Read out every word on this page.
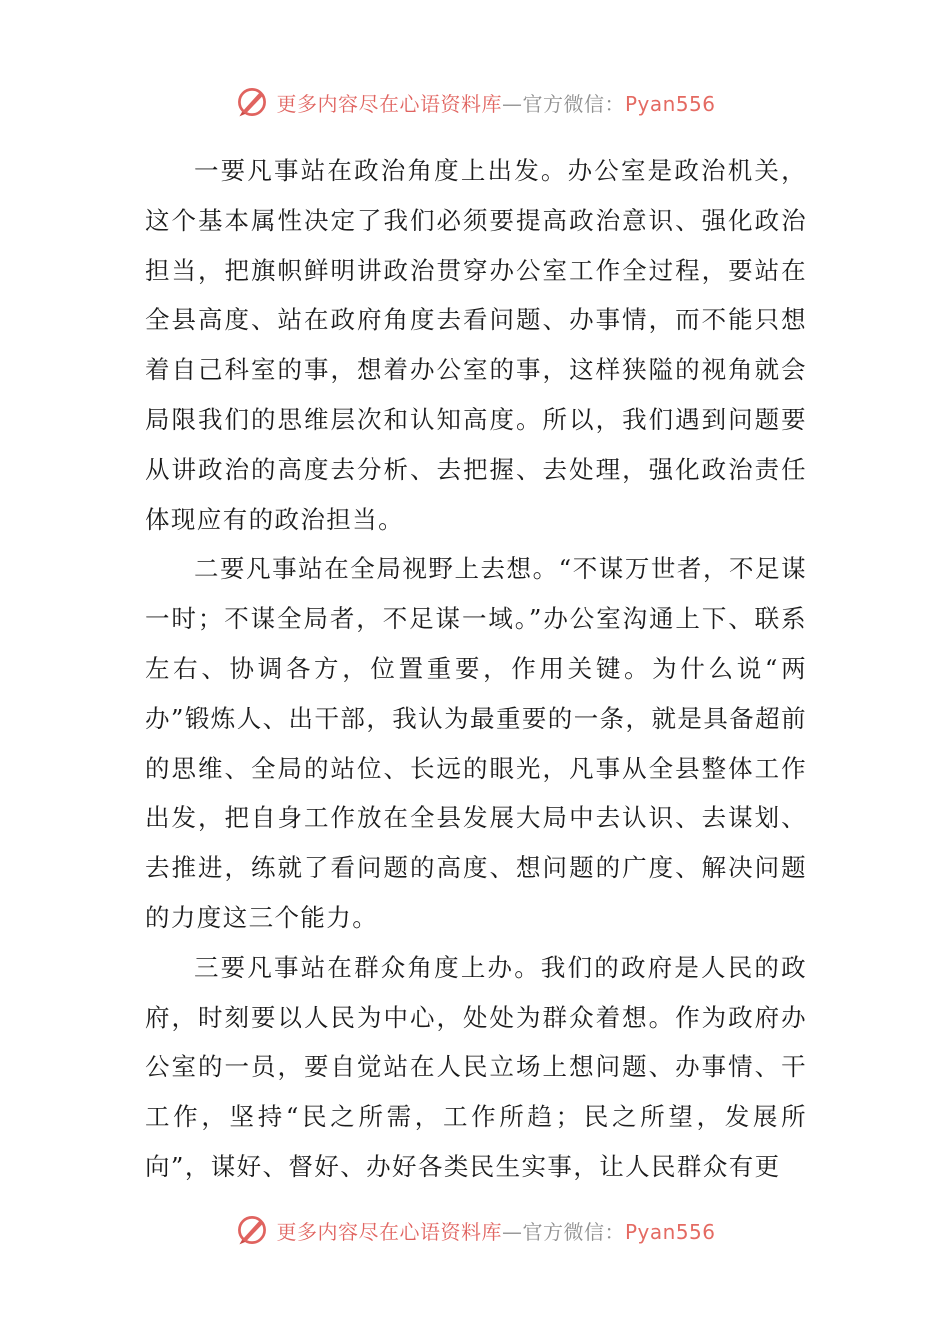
更多内容尽在心语资料库—官方微信：Pyan556

一要凡事站在政治角度上出发。办公室是政治机关，这个基本属性决定了我们必须要提高政治意识、强化政治担当，把旗帜鲜明讲政治贯穿办公室工作全过程，要站在全县高度、站在政府角度去看问题、办事情，而不能只想着自己科室的事，想着办公室的事，这样狭隘的视角就会局限我们的思维层次和认知高度。所以，我们遇到问题要从讲政治的高度去分析、去把握、去处理，强化政治责任体现应有的政治担当。

二要凡事站在全局视野上去想。“不谋万世者，不足谋一时；不谋全局者，不足谋一域。”办公室沟通上下、联系左右、协调各方，位置重要，作用关键。为什么说“两办”锻炼人、出干部，我认为最重要的一条，就是具备超前的思维、全局的站位、长远的眼光，凡事从全县整体工作出发，把自身工作放在全县发展大局中去认识、去谋划、去推进，练就了看问题的高度、想问题的广度、解决问题的力度这三个能力。

三要凡事站在群众角度上办。我们的政府是人民的政府，时刻要以人民为中心，处处为群众着想。作为政府办公室的一员，要自觉站在人民立场上想问题、办事情、干工作，坚持“民之所需，工作所趋；民之所望，发展所向”，谋好、督好、办好各类民生实事，让人民群众有更

更多内容尽在心语资料库—官方微信：Pyan556
